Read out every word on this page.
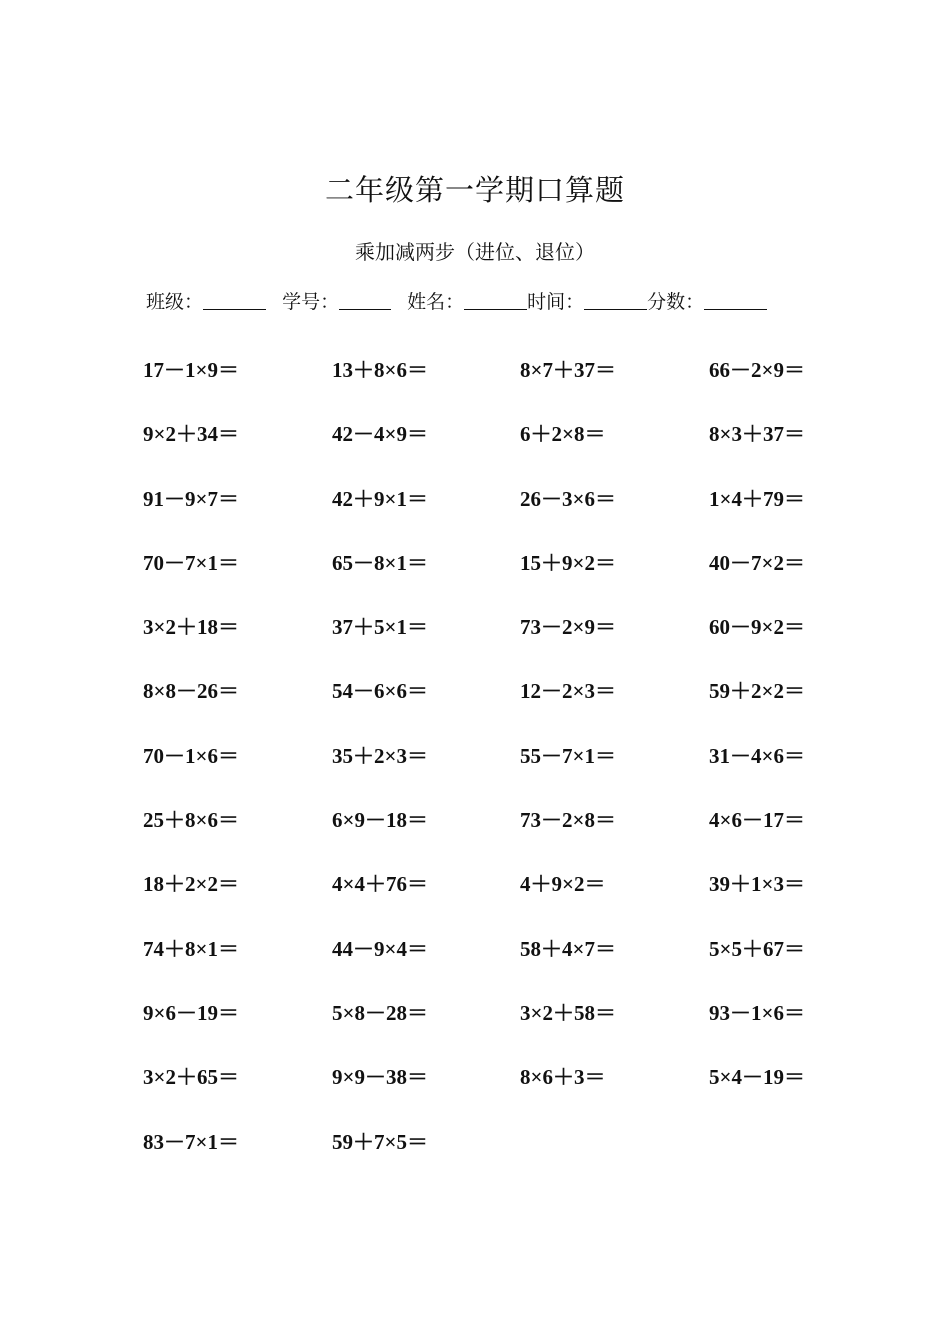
二年级第一学期口算题
乘加减两步（进位、退位）
班级：	学号：	姓名：	时间：	分数：
17－1×9＝	13＋8×6＝	8×7＋37＝	66－2×9＝
9×2＋34＝	42－4×9＝	6＋2×8＝	8×3＋37＝
91－9×7＝	42＋9×1＝	26－3×6＝	1×4＋79＝
70－7×1＝	65－8×1＝	15＋9×2＝	40－7×2＝
3×2＋18＝	37＋5×1＝	73－2×9＝	60－9×2＝
8×8－26＝	54－6×6＝	12－2×3＝	59＋2×2＝
70－1×6＝	35＋2×3＝	55－7×1＝	31－4×6＝
25＋8×6＝	6×9－18＝	73－2×8＝	4×6－17＝
18＋2×2＝	4×4＋76＝	4＋9×2＝	39＋1×3＝
74＋8×1＝	44－9×4＝	58＋4×7＝	5×5＋67＝
9×6－19＝	5×8－28＝	3×2＋58＝	93－1×6＝
3×2＋65＝	9×9－38＝	8×6＋3＝	5×4－19＝
83－7×1＝	59＋7×5＝
